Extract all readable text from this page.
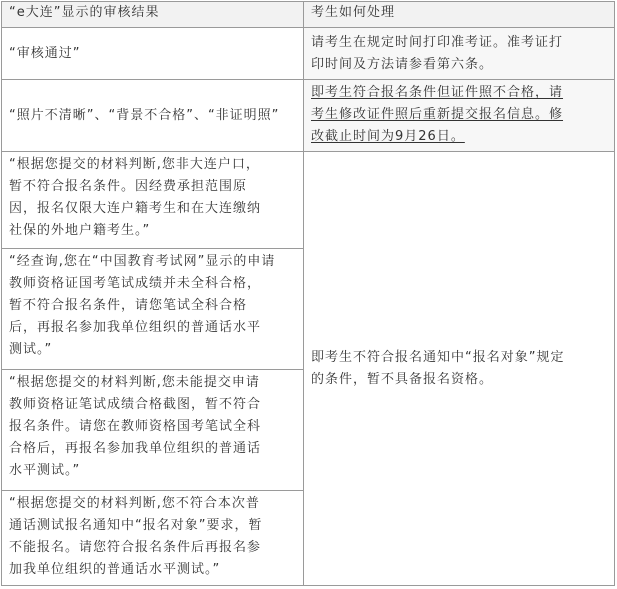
“e大连”显示的审核结果	考生如何处理
“审核通过”
请考生在规定时间打印准考证。准考证打
印时间及方法请参看第六条。
“照片不清晰”、“背景不合格”、“非证明照”
即考生符合报名条件但证件照不合格，请
考生修改证件照后重新提交报名信息。修
改截止时间为9月26日。
“根据您提交的材料判断,您非大连户口，
暂不符合报名条件。因经费承担范围原
因，报名仅限大连户籍考生和在大连缴纳
社保的外地户籍考生。”
“经查询,您在“中国教育考试网”显示的申请
教师资格证国考笔试成绩并未全科合格，
暂不符合报名条件，请您笔试全科合格
后，再报名参加我单位组织的普通话水平
测试。”
“根据您提交的材料判断,您未能提交申请
教师资格证笔试成绩合格截图，暂不符合
报名条件。请您在教师资格国考笔试全科
合格后，再报名参加我单位组织的普通话
水平测试。”
“根据您提交的材料判断,您不符合本次普
通话测试报名通知中“报名对象”要求，暂
不能报名。请您符合报名条件后再报名参
加我单位组织的普通话水平测试。”
即考生不符合报名通知中“报名对象”规定
的条件，暂不具备报名资格。
